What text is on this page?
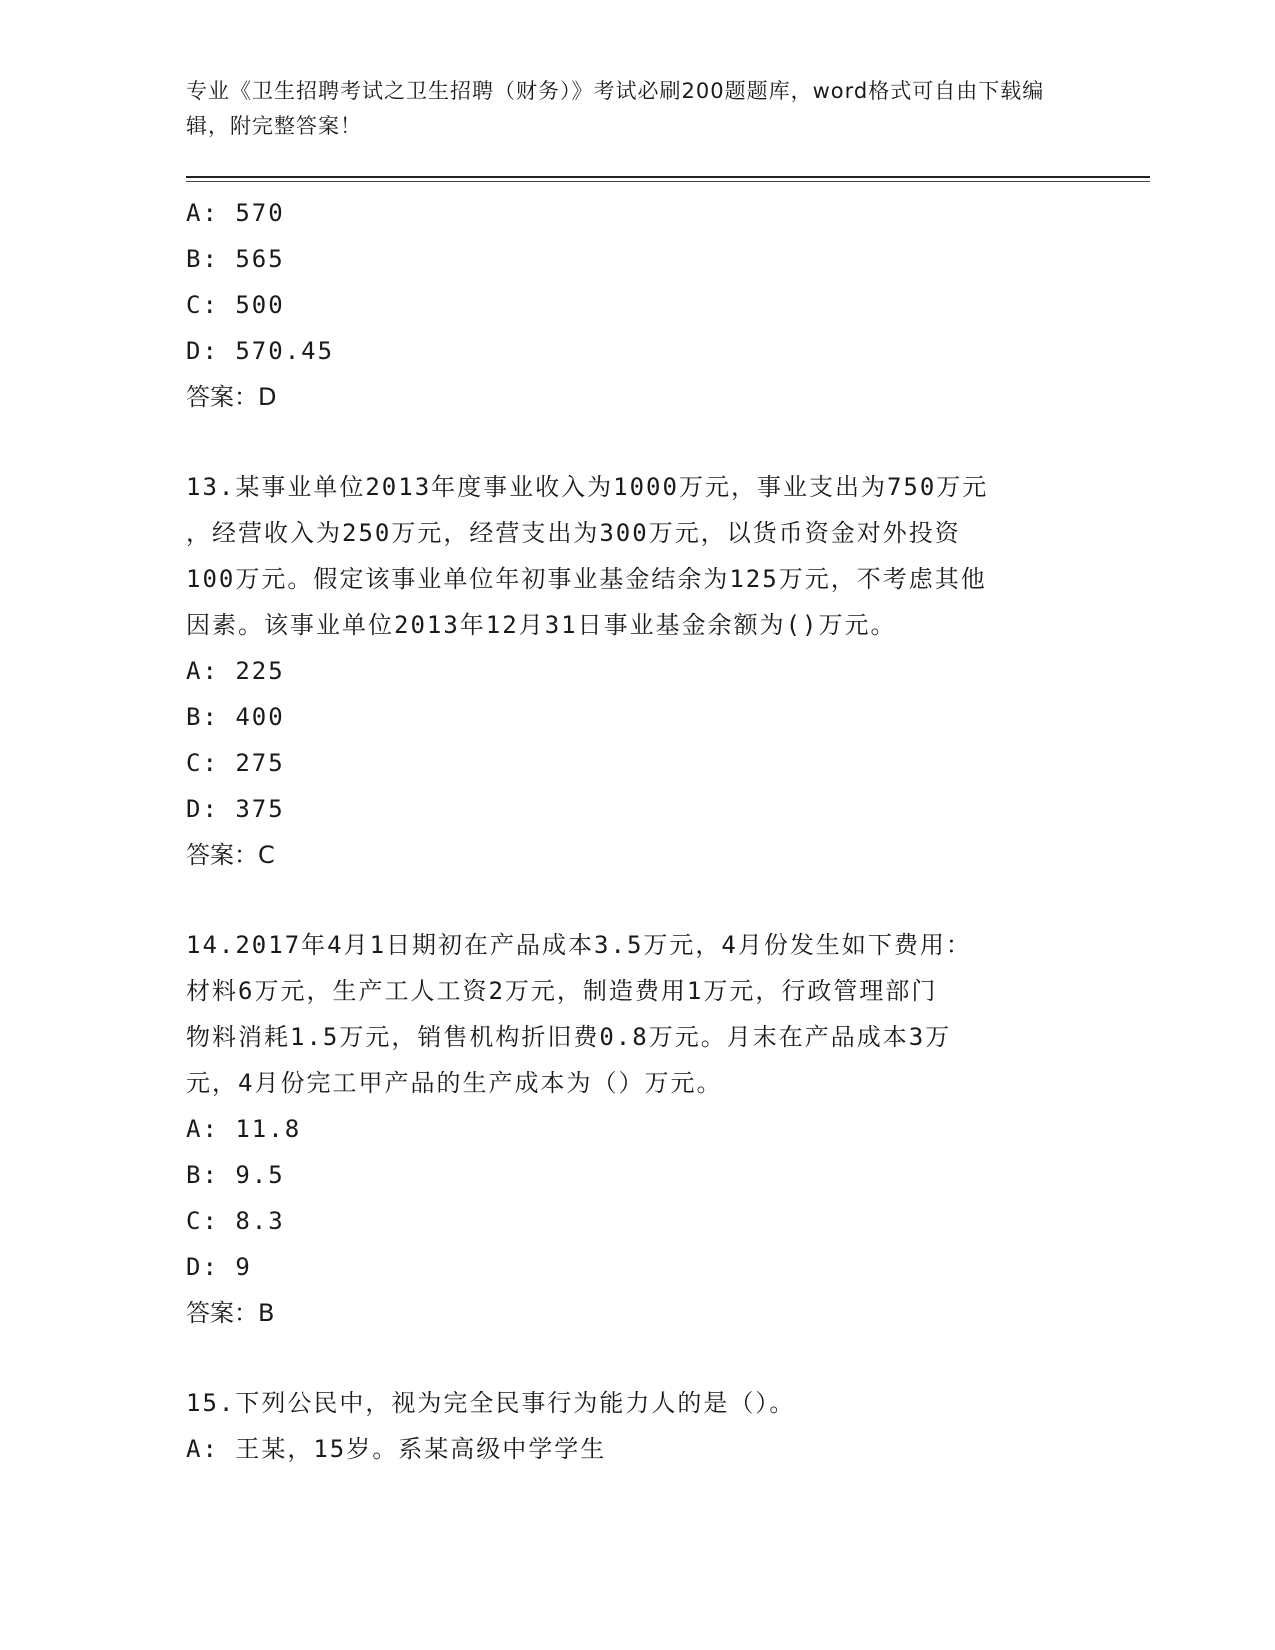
专业《卫生招聘考试之卫生招聘（财务）》考试必刷200题题库，word格式可自由下载编辑，附完整答案！
A: 570
B: 565
C: 500
D: 570.45
答案：D
13.某事业单位2013年度事业收入为1000万元，事业支出为750万元
，经营收入为250万元，经营支出为300万元，以货币资金对外投资
100万元。假定该事业单位年初事业基金结余为125万元，不考虑其他
因素。该事业单位2013年12月31日事业基金余额为()万元。
A: 225
B: 400
C: 275
D: 375
答案：C
14.2017年4月1日期初在产品成本3.5万元，4月份发生如下费用：
材料6万元，生产工人工资2万元，制造费用1万元，行政管理部门
物料消耗1.5万元，销售机构折旧费0.8万元。月末在产品成本3万
元，4月份完工甲产品的生产成本为（）万元。
A: 11.8
B: 9.5
C: 8.3
D: 9
答案：B
15.下列公民中，视为完全民事行为能力人的是（）。
A: 王某，15岁。系某高级中学学生
